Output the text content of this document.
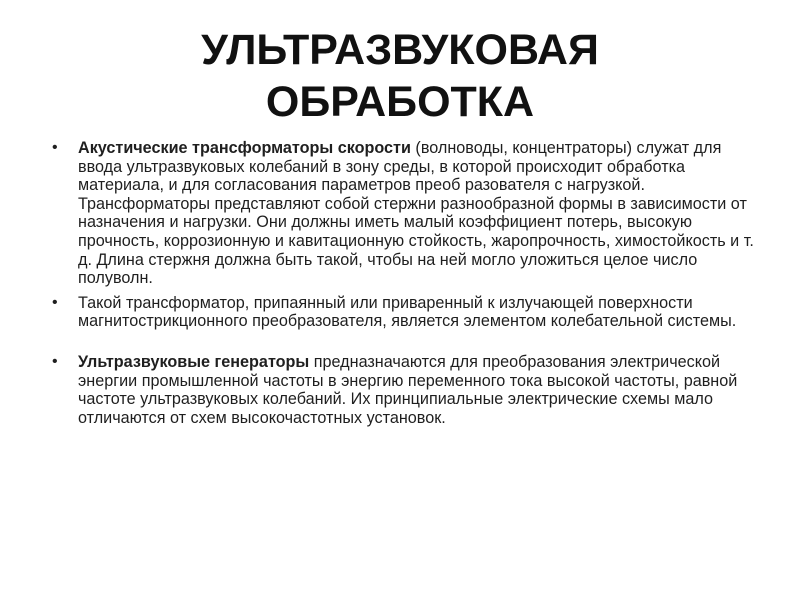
УЛЬТРАЗВУКОВАЯ
ОБРАБОТКА
•	Акустические трансформаторы скорости (волноводы, концентраторы) служат для ввода ультразвуковых колебаний в зону среды, в которой происходит обработка материала, и для согласования параметров преоб разователя с нагрузкой. Трансформаторы представляют собой стержни разнообразной формы в зависимости от назначения и нагрузки. Они должны иметь малый коэффициент потерь, высокую прочность, коррозионную и кавитационную стойкость, жаропрочность, химостойкость и т. д. Длина стержня должна быть такой, чтобы на ней могло уложиться целое число полуволн.
•	Такой трансформатор, припаянный или приваренный к излучающей поверхности магнитострикционного преобразователя, является элементом колебательной системы.
•	Ультразвуковые генераторы предназначаются для преобразования электрической энергии промышленной частоты в энергию переменного тока высокой частоты, равной частоте ультразвуковых колебаний. Их принципиальные электрические схемы мало отличаются от схем высокочастотных установок.
